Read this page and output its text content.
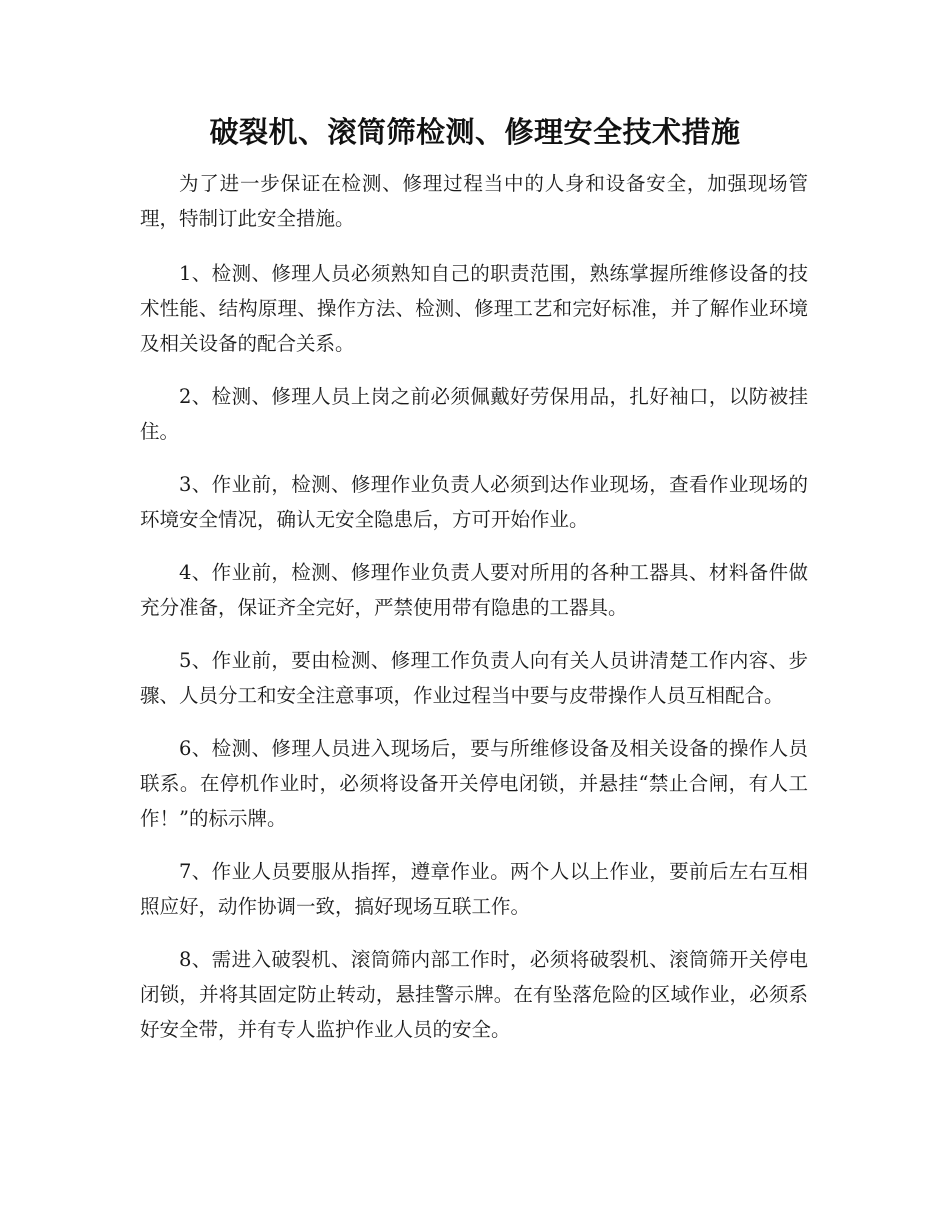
破裂机、滚筒筛检测、修理安全技术措施

为了进一步保证在检测、修理过程当中的人身和设备安全，加强现场管理，特制订此安全措施。

1、检测、修理人员必须熟知自己的职责范围，熟练掌握所维修设备的技术性能、结构原理、操作方法、检测、修理工艺和完好标准，并了解作业环境及相关设备的配合关系。

2、检测、修理人员上岗之前必须佩戴好劳保用品，扎好袖口，以防被挂住。

3、作业前，检测、修理作业负责人必须到达作业现场，查看作业现场的环境安全情况，确认无安全隐患后，方可开始作业。

4、作业前，检测、修理作业负责人要对所用的各种工器具、材料备件做充分准备，保证齐全完好，严禁使用带有隐患的工器具。

5、作业前，要由检测、修理工作负责人向有关人员讲清楚工作内容、步骤、人员分工和安全注意事项，作业过程当中要与皮带操作人员互相配合。

6、检测、修理人员进入现场后，要与所维修设备及相关设备的操作人员联系。在停机作业时，必须将设备开关停电闭锁，并悬挂“禁止合闸，有人工作！”的标示牌。

7、作业人员要服从指挥，遵章作业。两个人以上作业，要前后左右互相照应好，动作协调一致，搞好现场互联工作。

8、需进入破裂机、滚筒筛内部工作时，必须将破裂机、滚筒筛开关停电闭锁，并将其固定防止转动，悬挂警示牌。在有坠落危险的区域作业，必须系好安全带，并有专人监护作业人员的安全。
